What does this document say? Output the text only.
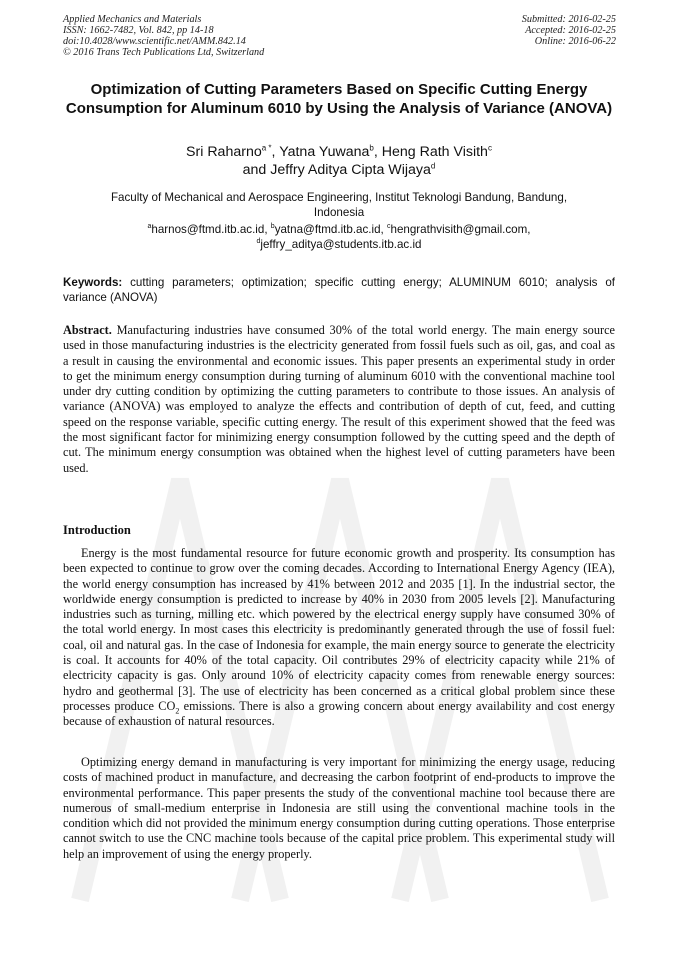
Applied Mechanics and Materials
ISSN: 1662-7482, Vol. 842, pp 14-18
doi:10.4028/www.scientific.net/AMM.842.14
© 2016 Trans Tech Publications Ltd, Switzerland
Submitted: 2016-02-25
Accepted: 2016-02-25
Online: 2016-06-22
Optimization of Cutting Parameters Based on Specific Cutting Energy Consumption for Aluminum 6010 by Using the Analysis of Variance (ANOVA)
Sri Raharno$^{a *}$, Yatna Yuwana$^b$, Heng Rath Visith$^c$
and Jeffry Aditya Cipta Wijaya$^d$
Faculty of Mechanical and Aerospace Engineering, Institut Teknologi Bandung, Bandung, Indonesia
$^a$harnos@ftmd.itb.ac.id, $^b$yatna@ftmd.itb.ac.id, $^c$hengrathvisith@gmail.com,
$^d$jeffry_aditya@students.itb.ac.id
Keywords: cutting parameters; optimization; specific cutting energy; ALUMINUM 6010; analysis of variance (ANOVA)

Abstract. Manufacturing industries have consumed 30% of the total world energy. The main energy source used in those manufacturing industries is the electricity generated from fossil fuels such as oil, gas, and coal as a result in causing the environmental and economic issues. This paper presents an experimental study in order to get the minimum energy consumption during turning of aluminum 6010 with the conventional machine tool under dry cutting condition by optimizing the cutting parameters to contribute to those issues. An analysis of variance (ANOVA) was employed to analyze the effects and contribution of depth of cut, feed, and cutting speed on the response variable, specific cutting energy. The result of this experiment showed that the feed was the most significant factor for minimizing energy consumption followed by the cutting speed and the depth of cut. The minimum energy consumption was obtained when the highest level of cutting parameters have been used.

Introduction

Energy is the most fundamental resource for future economic growth and prosperity. Its consumption has been expected to continue to grow over the coming decades. According to International Energy Agency (IEA), the world energy consumption has increased by 41% between 2012 and 2035 [1]. In the industrial sector, the worldwide energy consumption is predicted to increase by 40% in 2030 from 2005 levels [2]. Manufacturing industries such as turning, milling etc. which powered by the electrical energy supply have consumed 30% of the total world energy. In most cases this electricity is predominantly generated through the use of fossil fuel: coal, oil and natural gas. In the case of Indonesia for example, the main energy source to generate the electricity is coal. It accounts for 40% of the total capacity. Oil contributes 29% of electricity capacity while 21% of electricity capacity is gas. Only around 10% of electricity capacity comes from renewable energy sources: hydro and geothermal [3]. The use of electricity has been concerned as a critical global problem since these processes produce $CO_2$ emissions. There is also a growing concern about energy availability and cost energy because of exhaustion of natural resources.

Optimizing energy demand in manufacturing is very important for minimizing the energy usage, reducing costs of machined product in manufacture, and decreasing the carbon footprint of end-products to improve the environmental performance. This paper presents the study of the conventional machine tool because there are numerous of small-medium enterprise in Indonesia are still using the conventional machine tools in the condition which did not provided the minimum energy consumption during cutting operations. Those enterprise cannot switch to use the CNC machine tools because of the capital price problem. This experimental study will help an improvement of using the energy properly.
